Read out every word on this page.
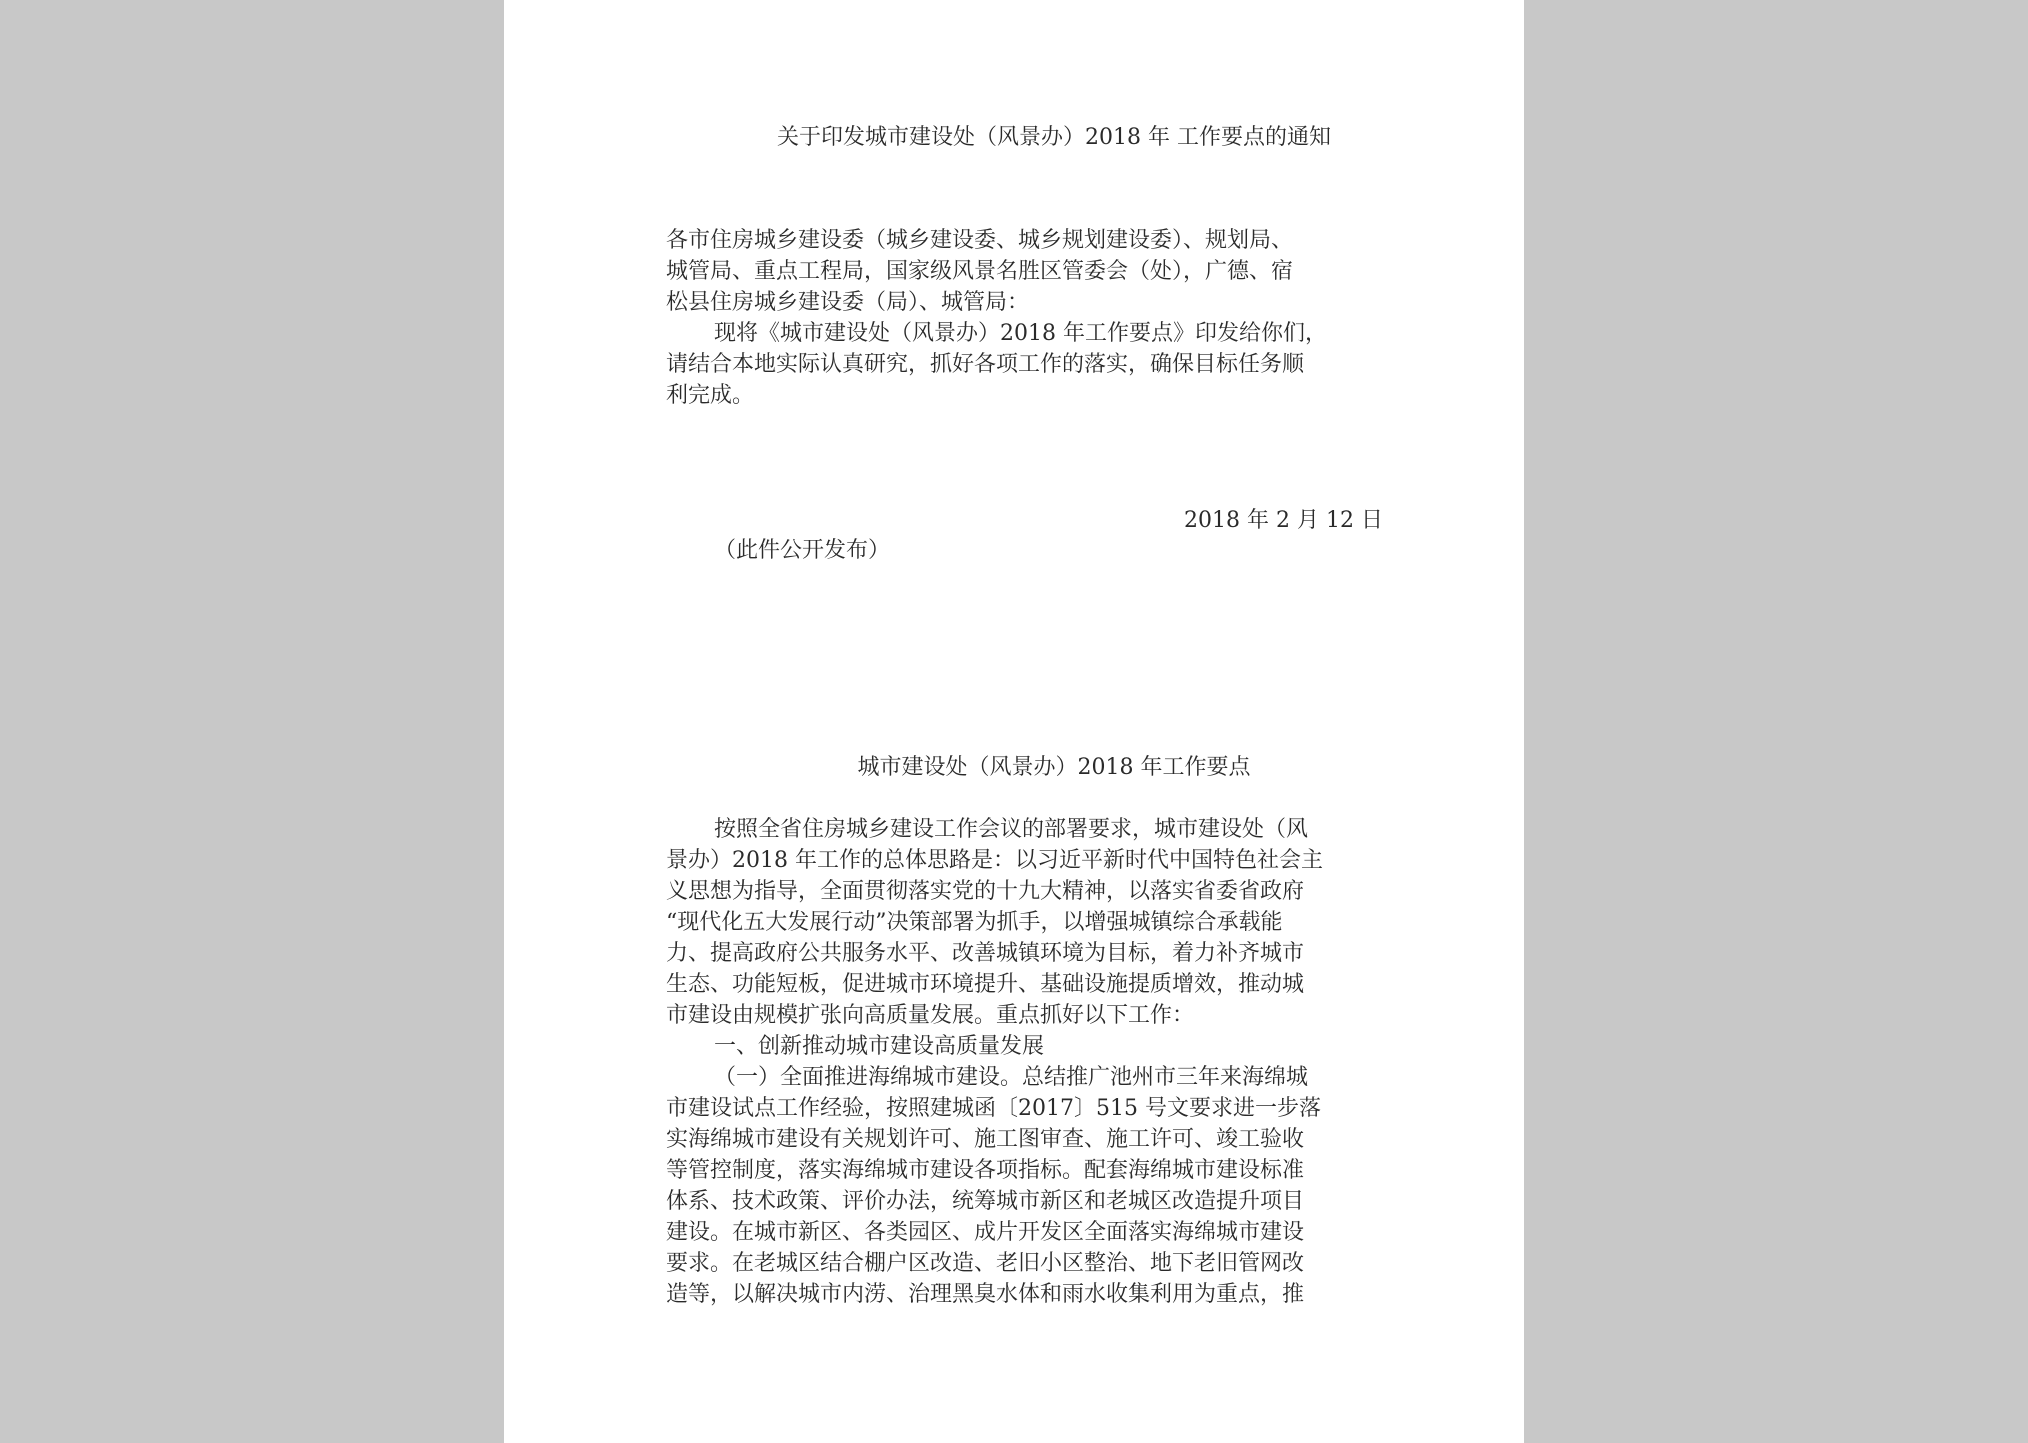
关于印发城市建设处（风景办）2018 年 工作要点的通知
各市住房城乡建设委（城乡建设委、城乡规划建设委）、规划局、
城管局、重点工程局，国家级风景名胜区管委会（处），广德、宿
松县住房城乡建设委（局）、城管局：
现将《城市建设处（风景办）2018 年工作要点》印发给你们，
请结合本地实际认真研究，抓好各项工作的落实，确保目标任务顺
利完成。
2018 年 2 月 12 日
（此件公开发布）
城市建设处（风景办）2018 年工作要点
按照全省住房城乡建设工作会议的部署要求，城市建设处（风
景办）2018 年工作的总体思路是：以习近平新时代中国特色社会主
义思想为指导，全面贯彻落实党的十九大精神，以落实省委省政府
“现代化五大发展行动”决策部署为抓手，以增强城镇综合承载能
力、提高政府公共服务水平、改善城镇环境为目标，着力补齐城市
生态、功能短板，促进城市环境提升、基础设施提质增效，推动城
市建设由规模扩张向高质量发展。重点抓好以下工作：
一、创新推动城市建设高质量发展
（一）全面推进海绵城市建设。总结推广池州市三年来海绵城
市建设试点工作经验，按照建城函〔2017〕515 号文要求进一步落
实海绵城市建设有关规划许可、施工图审查、施工许可、竣工验收
等管控制度，落实海绵城市建设各项指标。配套海绵城市建设标准
体系、技术政策、评价办法，统筹城市新区和老城区改造提升项目
建设。在城市新区、各类园区、成片开发区全面落实海绵城市建设
要求。在老城区结合棚户区改造、老旧小区整治、地下老旧管网改
造等，以解决城市内涝、治理黑臭水体和雨水收集利用为重点，推
